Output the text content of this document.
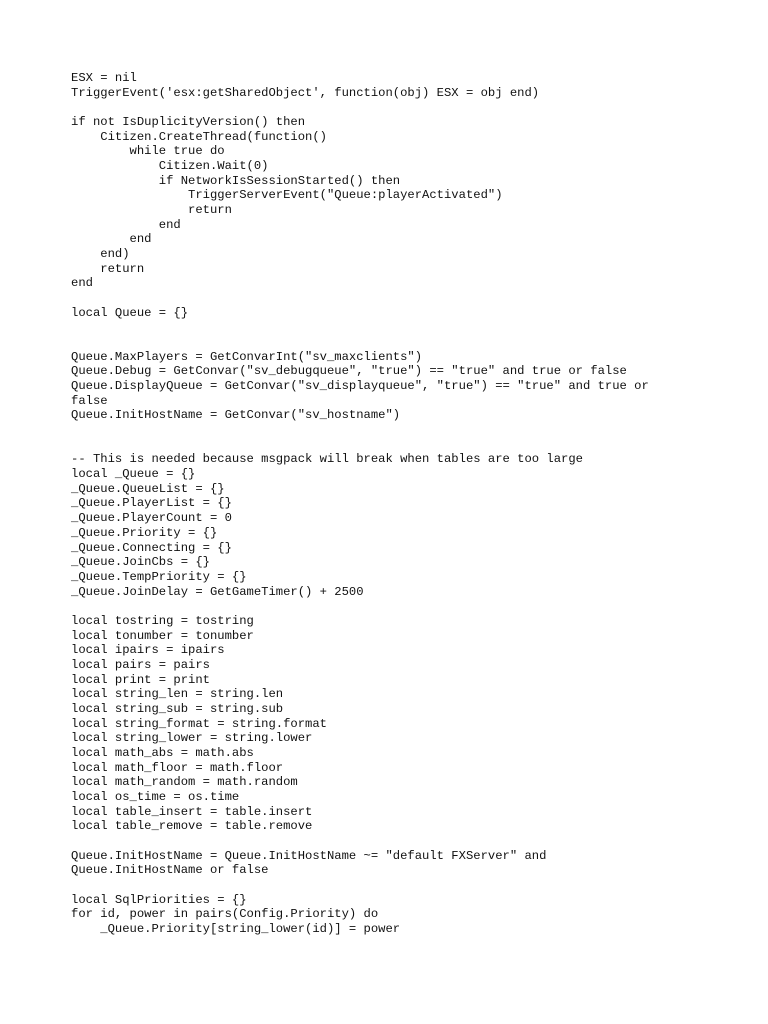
ESX = nil
TriggerEvent('esx:getSharedObject', function(obj) ESX = obj end)
if not IsDuplicityVersion() then
Citizen.CreateThread(function()
while true do
Citizen.Wait(0)
if NetworkIsSessionStarted() then
TriggerServerEvent("Queue:playerActivated")
return
end
end
end)
return
end
local Queue = {}
Queue.MaxPlayers = GetConvarInt("sv_maxclients")
Queue.Debug = GetConvar("sv_debugqueue", "true") == "true" and true or false
Queue.DisplayQueue = GetConvar("sv_displayqueue", "true") == "true" and true or
false
Queue.InitHostName = GetConvar("sv_hostname")
-- This is needed because msgpack will break when tables are too large
local _Queue = {}
_Queue.QueueList = {}
_Queue.PlayerList = {}
_Queue.PlayerCount = 0
_Queue.Priority = {}
_Queue.Connecting = {}
_Queue.JoinCbs = {}
_Queue.TempPriority = {}
_Queue.JoinDelay = GetGameTimer() + 2500
local tostring = tostring
local tonumber = tonumber
local ipairs = ipairs
local pairs = pairs
local print = print
local string_len = string.len
local string_sub = string.sub
local string_format = string.format
local string_lower = string.lower
local math_abs = math.abs
local math_floor = math.floor
local math_random = math.random
local os_time = os.time
local table_insert = table.insert
local table_remove = table.remove
Queue.InitHostName = Queue.InitHostName ~= "default FXServer" and
Queue.InitHostName or false
local SqlPriorities = {}
for id, power in pairs(Config.Priority) do
_Queue.Priority[string_lower(id)] = power
